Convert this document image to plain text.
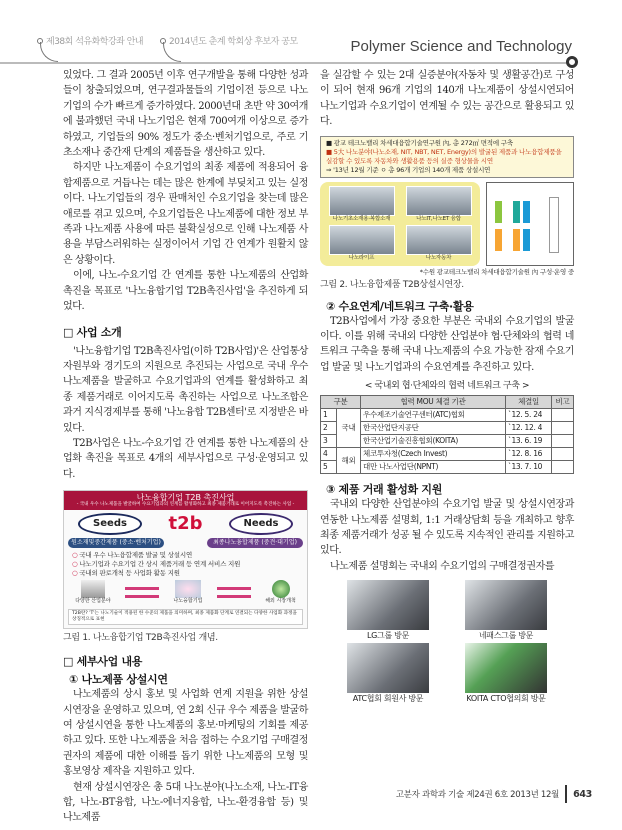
제38회 석유화학강좌 안내	2014년도 춘계 학회상 후보자 공모	Polymer Science and Technology

있었다. 그 결과 2005년 이후 연구개발을 통해 다양한 성과들이 창출되었으며, 연구결과물들의 기업이전 등으로 나노기업의 수가 빠르게 증가하였다. 2000년대 초반 약 30여개에 불과했던 국내 나노기업은 현재 700여개 이상으로 증가하였고, 기업들의 90% 정도가 중소·벤처기업으로, 주로 기초소재나 중간재 단계의 제품들을 생산하고 있다.

하지만 나노제품이 수요기업의 최종 제품에 적용되어 융합제품으로 거듭나는 데는 많은 한계에 부딪치고 있는 실정이다. 나노기업들의 경우 판매처인 수요기업을 찾는데 많은 애로를 겪고 있으며, 수요기업들은 나노제품에 대한 정보 부족과 나노제품 사용에 따른 불확실성으로 인해 나노제품 사용을 부담스러워하는 실정이어서 기업 간 연계가 원활치 않은 상황이다.

이에, 나노-수요기업 간 연계를 통한 나노제품의 산업화 촉진을 목표로 '나노융합기업 T2B촉진사업'을 추진하게 되었다.

□ 사업 소개

'나노융합기업 T2B촉진사업(이하 T2B사업)'은 산업통상자원부와 경기도의 지원으로 추진되는 사업으로 국내 우수 나노제품을 발굴하고 수요기업과의 연계를 활성화하고 최종 제품거래로 이어지도록 촉진하는 사업으로 나노조합은 과거 지식경제부를 통해 '나노융합 T2B센터'로 지정받은 바 있다.

T2B사업은 나노-수요기업 간 연계를 통한 나노제품의 산업화 촉진을 목표로 4개의 세부사업으로 구성·운영되고 있다.

나노융합기업 T2B 촉진사업
- 국내 우수 나노제품을 발굴하여 수요기업과의 연계를 활성화하고 최종 제품거래로 이어지도록 촉진하는 사업 -
Seeds	t2b	Needs
원소재및중간제품 (중소·벤처기업)	최종나노융합제품 (중견·대기업)
○ 국내 우수 나노융합제품 발굴 및 상설시연
○ 나노기업과 수요기업 간 상시 제품거래 등 연계 서비스 지원
○ 국내외 판로개척 등 사업화 활동 지원
다양한 산업분야	나노융합기업	해외 시장개척
T2B란? 'T'는 나노기술이 적용된 한 수준의 제품을 의미하며, 최종 제품화 단계로 연결되는 다양한 사업화 과정을 상징적으로 표현
그림 1. 나노융합기업 T2B촉진사업 개념.
□ 세부사업 내용
① 나노제품 상설시연

나노제품의 상시 홍보 및 사업화 연계 지원을 위한 상설시연장을 운영하고 있으며, 연 2회 신규 우수 제품을 발굴하여 상설시연을 통한 나노제품의 홍보·마케팅의 기회를 제공하고 있다. 또한 나노제품을 처음 접하는 수요기업 구매결정권자의 제품에 대한 이해를 돕기 위한 나노제품의 모형 및 홍보영상 제작을 지원하고 있다.

현재 상설시연장은 총 5대 나노분야(나노소재, 나노-IT융합, 나노-BT융합, 나노-에너지융합, 나노-환경융합 등) 및 나노제품

을 실감할 수 있는 2대 실증분야(자동차 및 생활공간)로 구성이 되어 현재 96개 기업의 140개 나노제품이 상설시연되어 나노기업과 수요기업이 연계될 수 있는 공간으로 활용되고 있다.

■ 광교 테크노밸리 차세대융합기술연구원 內, 총 272㎡ 면적에 구축
■ 5大 나노분야(나노소재, NIT, NBT, NET, Energy)의 발굴된 제품과 나노융합제품을 실감할 수 있도록 자동차와 생활용품 등의 실증 형상물을 시연
⇒ '13년 12월 기준 ㅇ 총 96개 기업의 140개 제품 상설시연
나노기초소재용·복합소재	나노IT,나노ET 융합
나노라이프	나노자동차
*수원 광교테크노밸리 차세대융합기술원 內 구성·운영 중
그림 2. 나노융합제품 T2B상설시연장.
② 수요연계/네트워크 구축·활용

T2B사업에서 가장 중요한 부분은 국내외 수요기업의 발굴이다. 이를 위해 국내외 다양한 산업분야 협·단체와의 협력 네트워크 구축을 통해 국내 나노제품의 수요 가능한 잠재 수요기업 발굴 및 나노기업과의 수요연계를 추진하고 있다.

< 국내외 협·단체와의 협력 네트워크 구축 >
구분		협력 MOU 체결 기관	체결일	비고
1	국내	우수제조기술연구센터(ATC)협회	`12. 5. 24	
2		한국산업단지공단	`12. 12. 4	
3		한국산업기술진흥협회(KOITA)	`13. 6. 19	
4	해외	체코투자청(Czech Invest)	`12. 8. 16	
5		대만 나노사업단(NPNT)	`13. 7. 10	
③ 제품 거래 활성화 지원

국내외 다양한 산업분야의 수요기업 발굴 및 상설시연장과 연동한 나노제품 설명회, 1:1 거래상담회 등을 개최하고 향후 최종 제품거래가 성공 될 수 있도록 지속적인 관리를 지원하고 있다.

나노제품 설명회는 국내외 수요기업의 구매결정권자를

LG그룹 방문	네패스그룹 방문
ATC협회 회원사 방문	KOITA CTO협의회 방문
고분자 과학과 기술 제24권 6호 2013년 12월 643
